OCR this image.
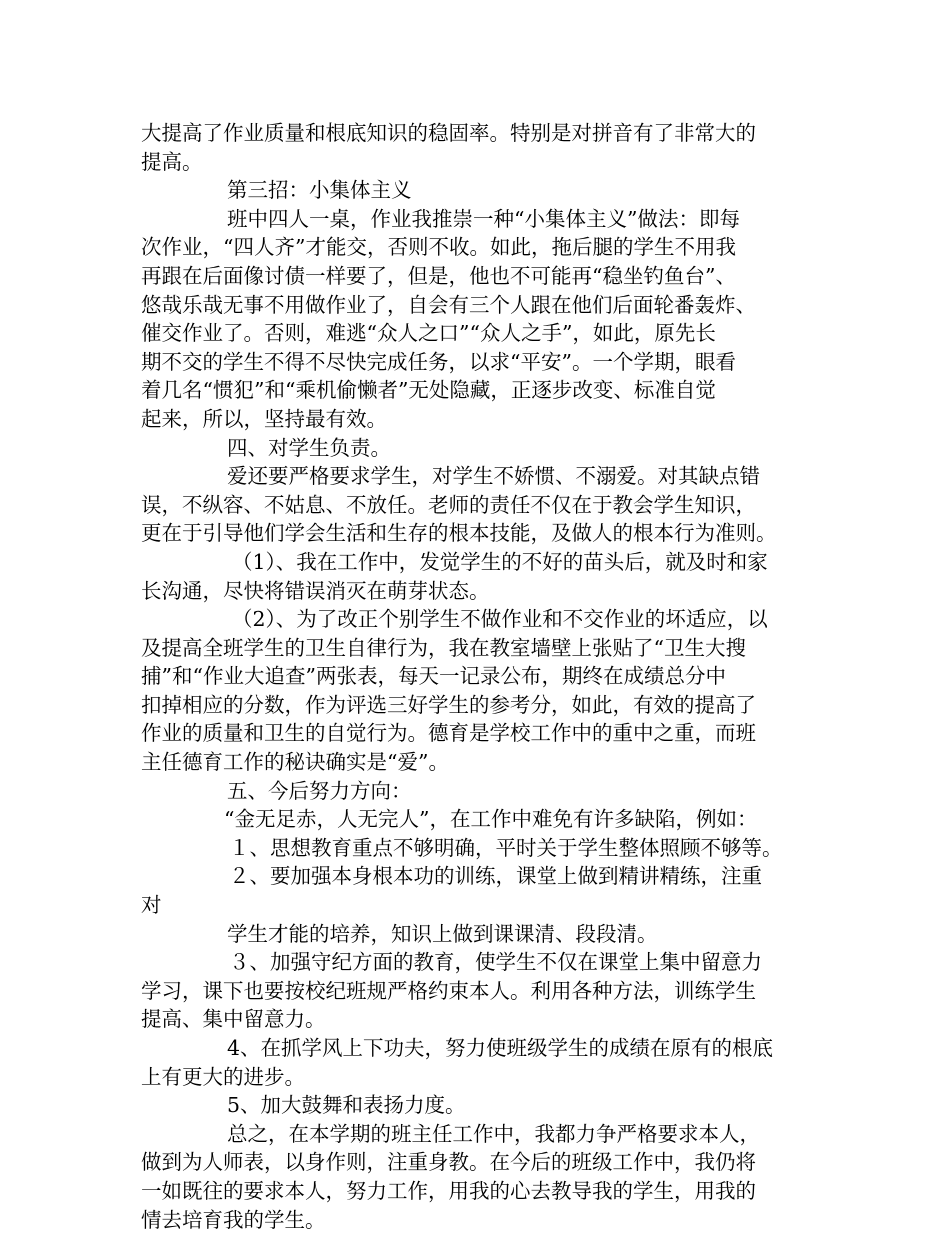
大提高了作业质量和根底知识的稳固率。特别是对拼音有了非常大的
提高。
第三招：小集体主义
班中四人一桌，作业我推崇一种“小集体主义”做法：即每
次作业，“四人齐”才能交，否则不收。如此，拖后腿的学生不用我
再跟在后面像讨债一样要了，但是，他也不可能再“稳坐钓鱼台”、
悠哉乐哉无事不用做作业了，自会有三个人跟在他们后面轮番轰炸、
催交作业了。否则，难逃“众人之口”“众人之手”，如此，原先长
期不交的学生不得不尽快完成任务，以求“平安”。一个学期，眼看
着几名“惯犯”和“乘机偷懒者”无处隐藏，正逐步改变、标准自觉
起来，所以，坚持最有效。
四、对学生负责。
爱还要严格要求学生，对学生不娇惯、不溺爱。对其缺点错
误，不纵容、不姑息、不放任。老师的责任不仅在于教会学生知识，
更在于引导他们学会生活和生存的根本技能，及做人的根本行为准则。
（1）、我在工作中，发觉学生的不好的苗头后，就及时和家
长沟通，尽快将错误消灭在萌芽状态。
（2）、为了改正个别学生不做作业和不交作业的坏适应，以
及提高全班学生的卫生自律行为，我在教室墙壁上张贴了“卫生大搜
捕”和“作业大追查”两张表，每天一记录公布，期终在成绩总分中
扣掉相应的分数，作为评选三好学生的参考分，如此，有效的提高了
作业的质量和卫生的自觉行为。德育是学校工作中的重中之重，而班
主任德育工作的秘诀确实是“爱”。
五、今后努力方向：
“金无足赤，人无完人”，在工作中难免有许多缺陷，例如：
１、思想教育重点不够明确，平时关于学生整体照顾不够等。
２、要加强本身根本功的训练，课堂上做到精讲精练，注重
对
学生才能的培养，知识上做到课课清、段段清。
３、加强守纪方面的教育，使学生不仅在课堂上集中留意力
学习，课下也要按校纪班规严格约束本人。利用各种方法，训练学生
提高、集中留意力。
4、在抓学风上下功夫，努力使班级学生的成绩在原有的根底
上有更大的进步。
5、加大鼓舞和表扬力度。
总之，在本学期的班主任工作中，我都力争严格要求本人，
做到为人师表，以身作则，注重身教。在今后的班级工作中，我仍将
一如既往的要求本人，努力工作，用我的心去教导我的学生，用我的
情去培育我的学生。
